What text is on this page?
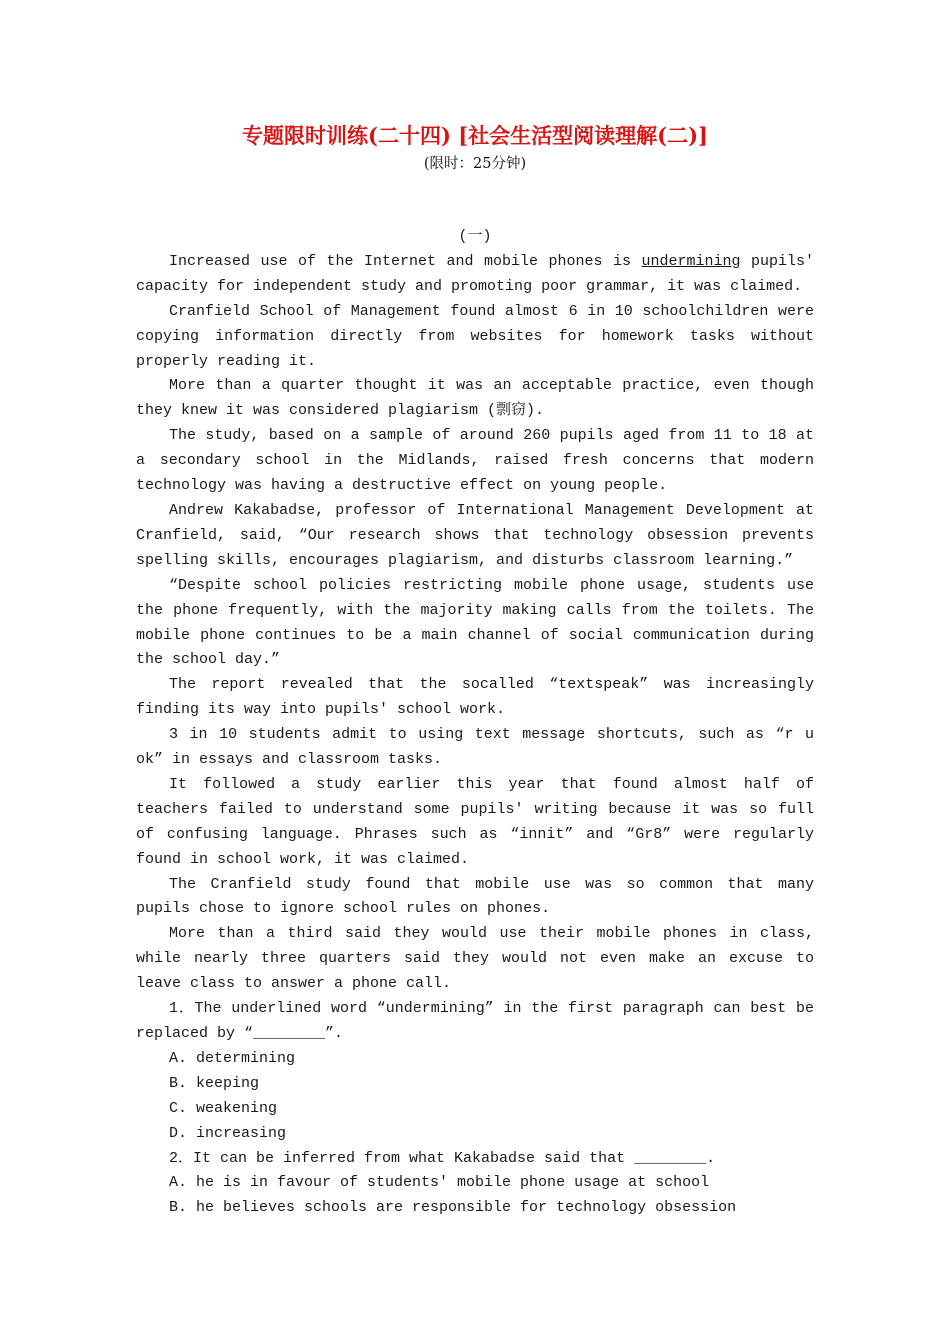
专题限时训练(二十四) [社会生活型阅读理解(二)]
(限时：25分钟)

(一)

Increased use of the Internet and mobile phones is undermining pupils' capacity for independent study and promoting poor grammar, it was claimed.

Cranfield School of Management found almost 6 in 10 schoolchildren were copying information directly from websites for homework tasks without properly reading it.

More than a quarter thought it was an acceptable practice, even though they knew it was considered plagiarism (剽窃).

The study, based on a sample of around 260 pupils aged from 11 to 18 at a secondary school in the Midlands, raised fresh concerns that modern technology was having a destructive effect on young people.

Andrew Kakabadse, professor of International Management Development at Cranfield, said, “Our research shows that technology obsession prevents spelling skills, encourages plagiarism, and disturbs classroom learning.”

“Despite school policies restricting mobile phone usage, students use the phone frequently, with the majority making calls from the toilets. The mobile phone continues to be a main channel of social communication during the school day.”

The report revealed that the socalled “textspeak” was increasingly finding its way into pupils' school work.

3 in 10 students admit to using text message shortcuts, such as “r u ok” in essays and classroom tasks.

It followed a study earlier this year that found almost half of teachers failed to understand some pupils' writing because it was so full of confusing language. Phrases such as “innit” and “Gr8” were regularly found in school work, it was claimed.

The Cranfield study found that mobile use was so common that many pupils chose to ignore school rules on phones.

More than a third said they would use their mobile phones in class, while nearly three quarters said they would not even make an excuse to leave class to answer a phone call.

1．The underlined word “undermining” in the first paragraph can best be replaced by “________”.

A. determining

B. keeping

C. weakening

D. increasing

2．It can be inferred from what Kakabadse said that ________.

A. he is in favour of students' mobile phone usage at school

B. he believes schools are responsible for technology obsession
